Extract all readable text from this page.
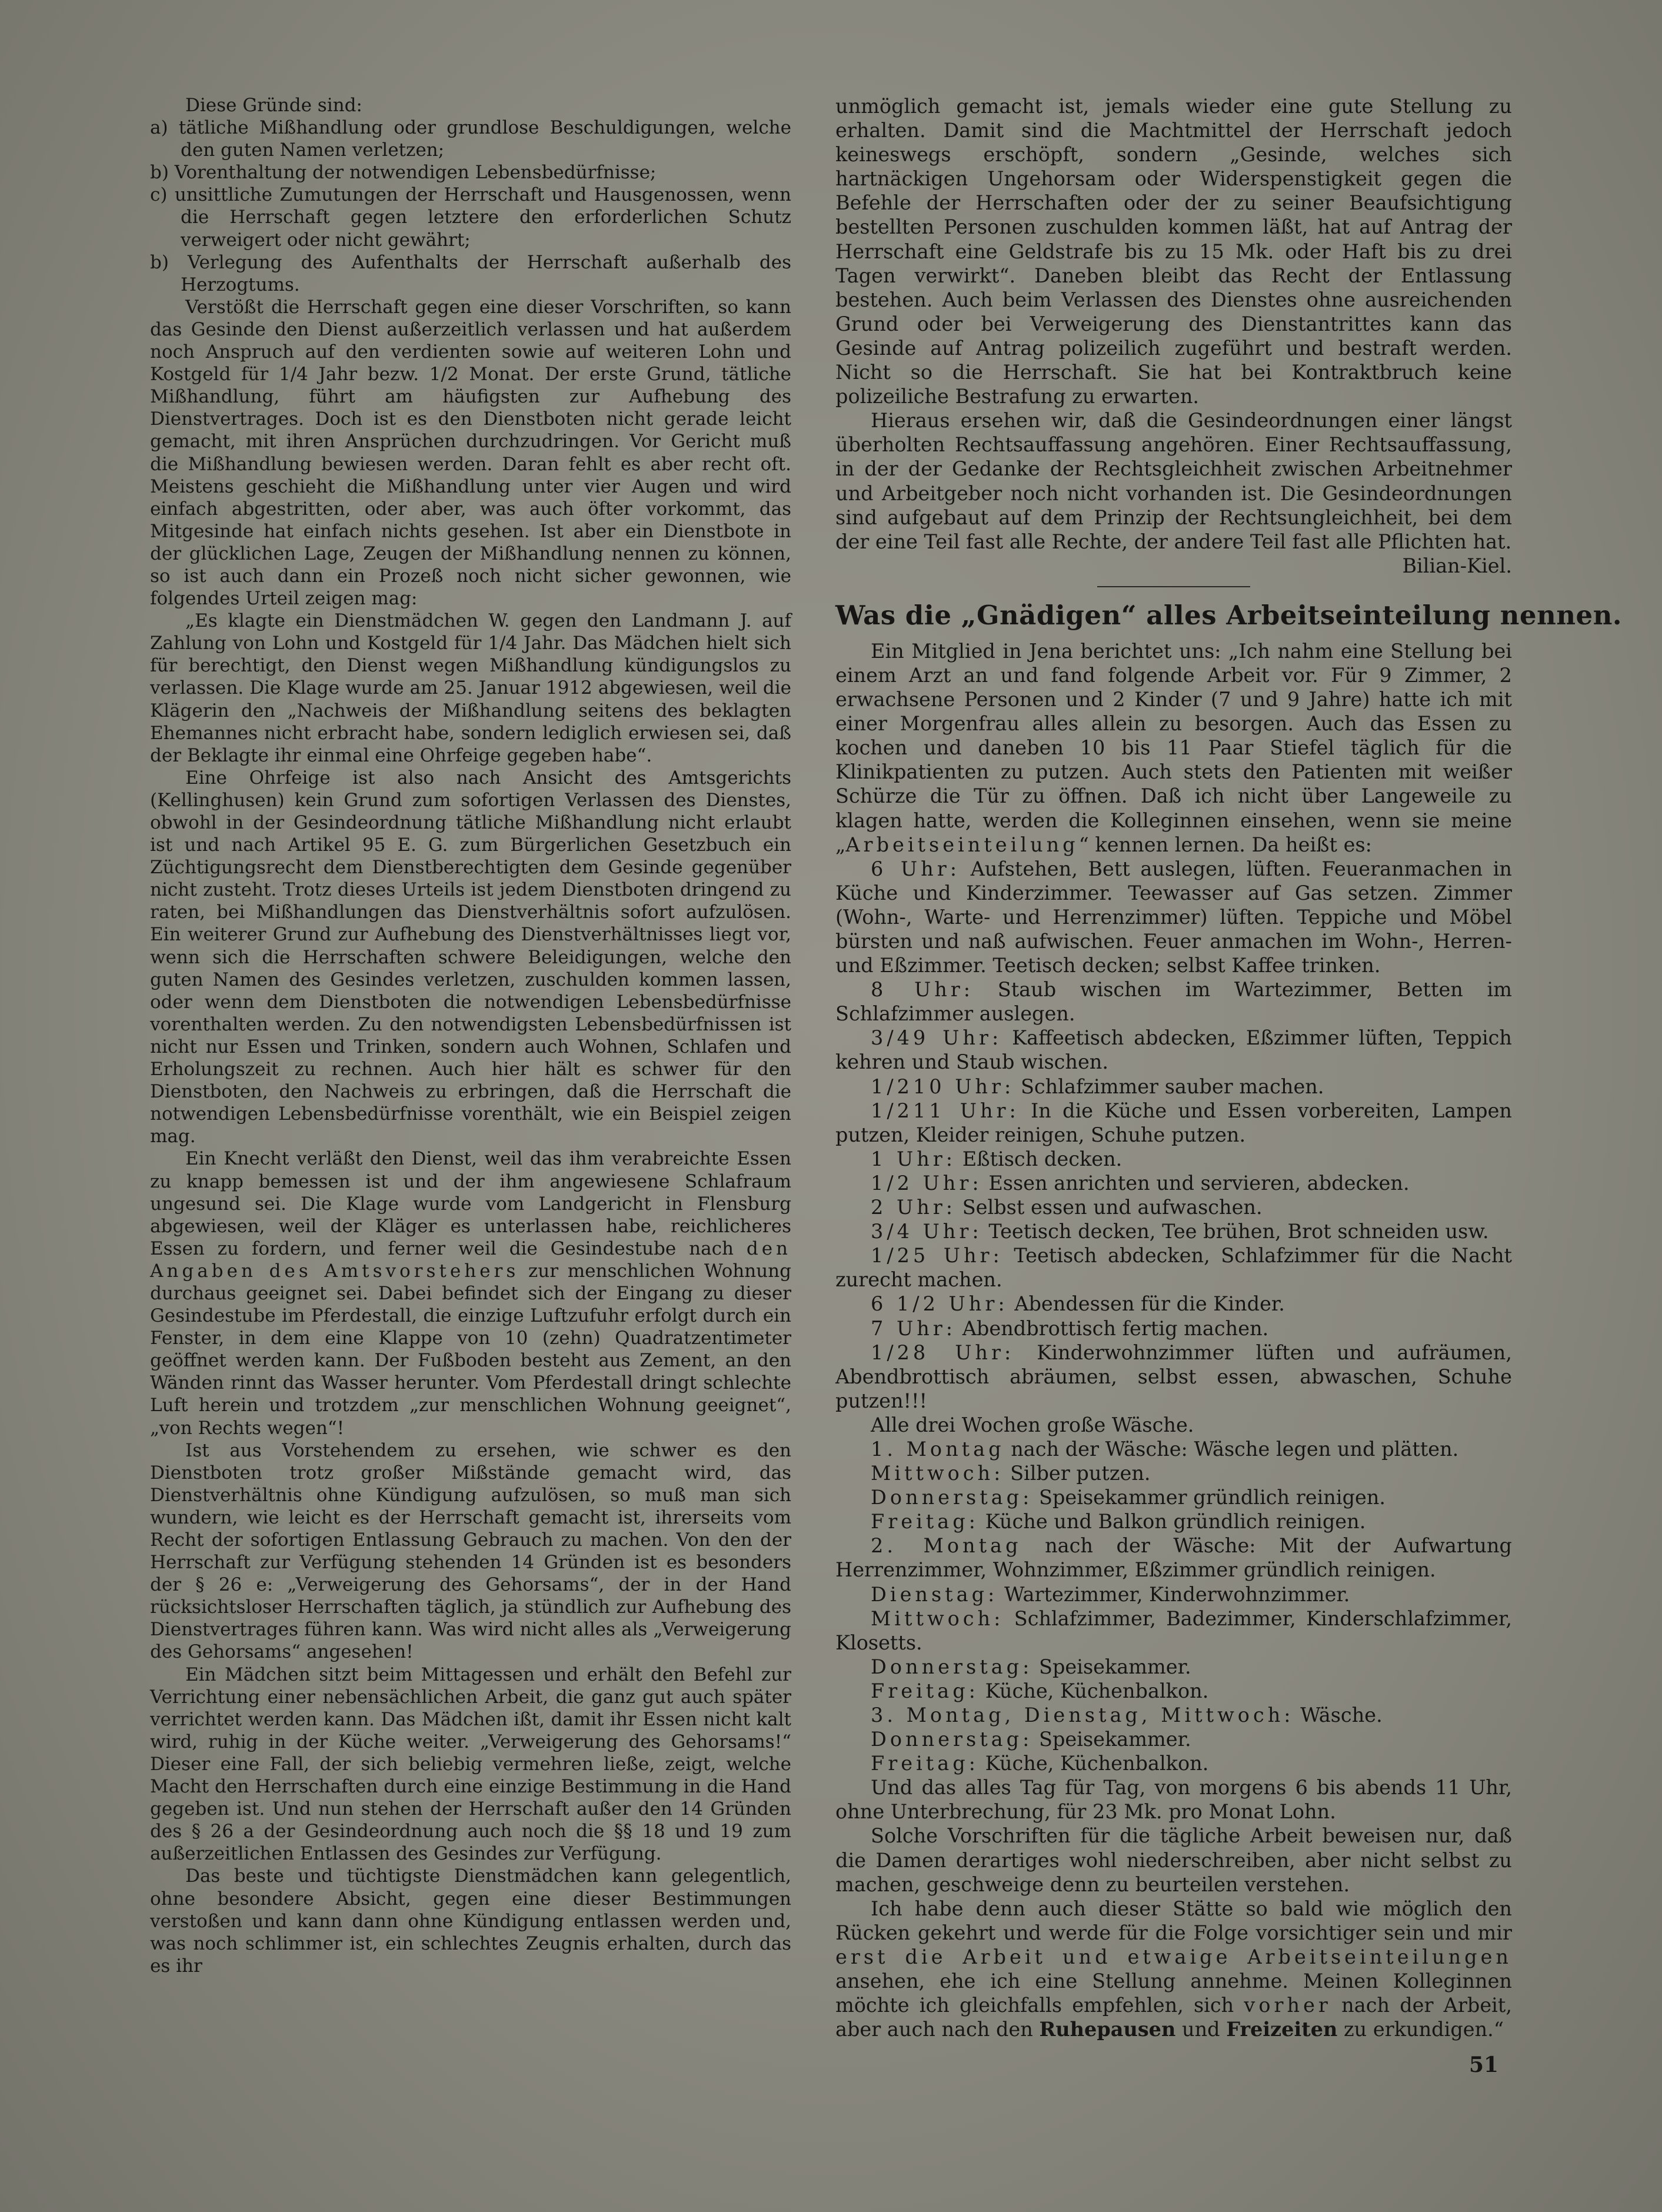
Diese Gründe sind:

a) tätliche Mißhandlung oder grundlose Beschuldigungen, welche den guten Namen verletzen;

b) Vorenthaltung der notwendigen Lebensbedürfnisse;

c) unsittliche Zumutungen der Herrschaft und Hausgenossen, wenn die Herrschaft gegen letztere den erforderlichen Schutz verweigert oder nicht gewährt;

b) Verlegung des Aufenthalts der Herrschaft außerhalb des Herzogtums.

Verstößt die Herrschaft gegen eine dieser Vorschriften, so kann das Gesinde den Dienst außerzeitlich verlassen und hat außerdem noch Anspruch auf den verdienten sowie auf weiteren Lohn und Kostgeld für 1/4 Jahr bezw. 1/2 Monat. Der erste Grund, tätliche Mißhandlung, führt am häufigsten zur Aufhebung des Dienstvertrages. Doch ist es den Dienstboten nicht gerade leicht gemacht, mit ihren Ansprüchen durchzudringen. Vor Gericht muß die Mißhandlung bewiesen werden. Daran fehlt es aber recht oft. Meistens geschieht die Mißhandlung unter vier Augen und wird einfach abgestritten, oder aber, was auch öfter vorkommt, das Mitgesinde hat einfach nichts gesehen. Ist aber ein Dienstbote in der glücklichen Lage, Zeugen der Mißhandlung nennen zu können, so ist auch dann ein Prozeß noch nicht sicher gewonnen, wie folgendes Urteil zeigen mag:

„Es klagte ein Dienstmädchen W. gegen den Landmann J. auf Zahlung von Lohn und Kostgeld für 1/4 Jahr. Das Mädchen hielt sich für berechtigt, den Dienst wegen Mißhandlung kündigungslos zu verlassen. Die Klage wurde am 25. Januar 1912 abgewiesen, weil die Klägerin den „Nachweis der Mißhandlung seitens des beklagten Ehemannes nicht erbracht habe, sondern lediglich erwiesen sei, daß der Beklagte ihr einmal eine Ohrfeige gegeben habe“.

Eine Ohrfeige ist also nach Ansicht des Amtsgerichts (Kellinghusen) kein Grund zum sofortigen Verlassen des Dienstes, obwohl in der Gesindeordnung tätliche Mißhandlung nicht erlaubt ist und nach Artikel 95 E. G. zum Bürgerlichen Gesetzbuch ein Züchtigungsrecht dem Dienstberechtigten dem Gesinde gegenüber nicht zusteht. Trotz dieses Urteils ist jedem Dienstboten dringend zu raten, bei Mißhandlungen das Dienstverhältnis sofort aufzulösen. Ein weiterer Grund zur Aufhebung des Dienstverhältnisses liegt vor, wenn sich die Herrschaften schwere Beleidigungen, welche den guten Namen des Gesindes verletzen, zuschulden kommen lassen, oder wenn dem Dienstboten die notwendigen Lebensbedürfnisse vorenthalten werden. Zu den notwendigsten Lebensbedürfnissen ist nicht nur Essen und Trinken, sondern auch Wohnen, Schlafen und Erholungszeit zu rechnen. Auch hier hält es schwer für den Dienstboten, den Nachweis zu erbringen, daß die Herrschaft die notwendigen Lebensbedürfnisse vorenthält, wie ein Beispiel zeigen mag.

Ein Knecht verläßt den Dienst, weil das ihm verabreichte Essen zu knapp bemessen ist und der ihm angewiesene Schlafraum ungesund sei. Die Klage wurde vom Landgericht in Flensburg abgewiesen, weil der Kläger es unterlassen habe, reichlicheres Essen zu fordern, und ferner weil die Gesindestube nach den Angaben des Amtsvorstehers zur menschlichen Wohnung durchaus geeignet sei. Dabei befindet sich der Eingang zu dieser Gesindestube im Pferdestall, die einzige Luftzufuhr erfolgt durch ein Fenster, in dem eine Klappe von 10 (zehn) Quadratzentimeter geöffnet werden kann. Der Fußboden besteht aus Zement, an den Wänden rinnt das Wasser herunter. Vom Pferdestall dringt schlechte Luft herein und trotzdem „zur menschlichen Wohnung geeignet“, „von Rechts wegen“!

Ist aus Vorstehendem zu ersehen, wie schwer es den Dienstboten trotz großer Mißstände gemacht wird, das Dienstverhältnis ohne Kündigung aufzulösen, so muß man sich wundern, wie leicht es der Herrschaft gemacht ist, ihrerseits vom Recht der sofortigen Entlassung Gebrauch zu machen. Von den der Herrschaft zur Verfügung stehenden 14 Gründen ist es besonders der § 26 e: „Verweigerung des Gehorsams“, der in der Hand rücksichtsloser Herrschaften täglich, ja stündlich zur Aufhebung des Dienstvertrages führen kann. Was wird nicht alles als „Verweigerung des Gehorsams“ angesehen!

Ein Mädchen sitzt beim Mittagessen und erhält den Befehl zur Verrichtung einer nebensächlichen Arbeit, die ganz gut auch später verrichtet werden kann. Das Mädchen ißt, damit ihr Essen nicht kalt wird, ruhig in der Küche weiter. „Verweigerung des Gehorsams!“ Dieser eine Fall, der sich beliebig vermehren ließe, zeigt, welche Macht den Herrschaften durch eine einzige Bestimmung in die Hand gegeben ist. Und nun stehen der Herrschaft außer den 14 Gründen des § 26 a der Gesindeordnung auch noch die §§ 18 und 19 zum außerzeitlichen Entlassen des Gesindes zur Verfügung.

Das beste und tüchtigste Dienstmädchen kann gelegentlich, ohne besondere Absicht, gegen eine dieser Bestimmungen verstoßen und kann dann ohne Kündigung entlassen werden und, was noch schlimmer ist, ein schlechtes Zeugnis erhalten, durch das es ihr

unmöglich gemacht ist, jemals wieder eine gute Stellung zu erhalten. Damit sind die Machtmittel der Herrschaft jedoch keineswegs erschöpft, sondern „Gesinde, welches sich hartnäckigen Ungehorsam oder Widerspenstigkeit gegen die Befehle der Herrschaften oder der zu seiner Beaufsichtigung bestellten Personen zuschulden kommen läßt, hat auf Antrag der Herrschaft eine Geldstrafe bis zu 15 Mk. oder Haft bis zu drei Tagen verwirkt“. Daneben bleibt das Recht der Entlassung bestehen. Auch beim Verlassen des Dienstes ohne ausreichenden Grund oder bei Verweigerung des Dienstantrittes kann das Gesinde auf Antrag polizeilich zugeführt und bestraft werden. Nicht so die Herrschaft. Sie hat bei Kontraktbruch keine polizeiliche Bestrafung zu erwarten.

Hieraus ersehen wir, daß die Gesindeordnungen einer längst überholten Rechtsauffassung angehören. Einer Rechtsauffassung, in der der Gedanke der Rechtsgleichheit zwischen Arbeitnehmer und Arbeitgeber noch nicht vorhanden ist. Die Gesindeordnungen sind aufgebaut auf dem Prinzip der Rechtsungleichheit, bei dem der eine Teil fast alle Rechte, der andere Teil fast alle Pflichten hat.

Bilian-Kiel.

Was die „Gnädigen“ alles Arbeitseinteilung nennen.

Ein Mitglied in Jena berichtet uns: „Ich nahm eine Stellung bei einem Arzt an und fand folgende Arbeit vor. Für 9 Zimmer, 2 erwachsene Personen und 2 Kinder (7 und 9 Jahre) hatte ich mit einer Morgenfrau alles allein zu besorgen. Auch das Essen zu kochen und daneben 10 bis 11 Paar Stiefel täglich für die Klinikpatienten zu putzen. Auch stets den Patienten mit weißer Schürze die Tür zu öffnen. Daß ich nicht über Langeweile zu klagen hatte, werden die Kolleginnen einsehen, wenn sie meine „Arbeitseinteilung“ kennen lernen. Da heißt es:

6 Uhr: Aufstehen, Bett auslegen, lüften. Feueranmachen in Küche und Kinderzimmer. Teewasser auf Gas setzen. Zimmer (Wohn-, Warte- und Herrenzimmer) lüften. Teppiche und Möbel bürsten und naß aufwischen. Feuer anmachen im Wohn-, Herren- und Eßzimmer. Teetisch decken; selbst Kaffee trinken.

8 Uhr: Staub wischen im Wartezimmer, Betten im Schlafzimmer auslegen.

3/49 Uhr: Kaffeetisch abdecken, Eßzimmer lüften, Teppich kehren und Staub wischen.

1/210 Uhr: Schlafzimmer sauber machen.

1/211 Uhr: In die Küche und Essen vorbereiten, Lampen putzen, Kleider reinigen, Schuhe putzen.

1 Uhr: Eßtisch decken.

1/2 Uhr: Essen anrichten und servieren, abdecken.

2 Uhr: Selbst essen und aufwaschen.

3/4 Uhr: Teetisch decken, Tee brühen, Brot schneiden usw.

1/25 Uhr: Teetisch abdecken, Schlafzimmer für die Nacht zurecht machen.

6 1/2 Uhr: Abendessen für die Kinder.

7 Uhr: Abendbrottisch fertig machen.

1/28 Uhr: Kinderwohnzimmer lüften und aufräumen, Abendbrottisch abräumen, selbst essen, abwaschen, Schuhe putzen!!!

Alle drei Wochen große Wäsche.

1. Montag nach der Wäsche: Wäsche legen und plätten.

Mittwoch: Silber putzen.

Donnerstag: Speisekammer gründlich reinigen.

Freitag: Küche und Balkon gründlich reinigen.

2. Montag nach der Wäsche: Mit der Aufwartung Herrenzimmer, Wohnzimmer, Eßzimmer gründlich reinigen.

Dienstag: Wartezimmer, Kinderwohnzimmer.

Mittwoch: Schlafzimmer, Badezimmer, Kinderschlafzimmer, Klosetts.

Donnerstag: Speisekammer.

Freitag: Küche, Küchenbalkon.

3. Montag, Dienstag, Mittwoch: Wäsche.

Donnerstag: Speisekammer.

Freitag: Küche, Küchenbalkon.

Und das alles Tag für Tag, von morgens 6 bis abends 11 Uhr, ohne Unterbrechung, für 23 Mk. pro Monat Lohn.

Solche Vorschriften für die tägliche Arbeit beweisen nur, daß die Damen derartiges wohl niederschreiben, aber nicht selbst zu machen, geschweige denn zu beurteilen verstehen.

Ich habe denn auch dieser Stätte so bald wie möglich den Rücken gekehrt und werde für die Folge vorsichtiger sein und mir erst die Arbeit und etwaige Arbeitseinteilungen ansehen, ehe ich eine Stellung annehme. Meinen Kolleginnen möchte ich gleichfalls empfehlen, sich vorher nach der Arbeit, aber auch nach den Ruhepausen und Freizeiten zu erkundigen.“

51
